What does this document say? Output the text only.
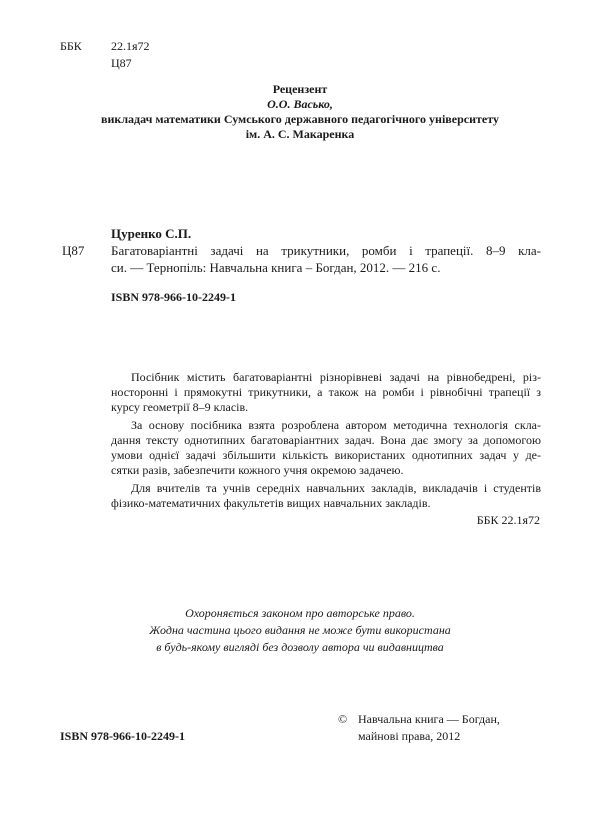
ББК 22.1я72
Ц87
Рецензент
О.О. Васько,
викладач математики Сумського державного педагогічного університету
ім. А. С. Макаренка
Цуренко С.П.
Ц87 Багатоваріантні задачі на трикутники, ромби і трапеції. 8–9 кла-
си. — Тернопіль: Навчальна книга – Богдан, 2012. — 216 с.
ISBN 978-966-10-2249-1
Посібник містить багатоваріантні різнорівневі задачі на рівнобедрені, різ-
носторонні і прямокутні трикутники, а також на ромби і рівнобічні трапеції з
курсу геометрії 8–9 класів.
За основу посібника взята розроблена автором методична технологія скла-
дання тексту однотипних багатоваріантних задач. Вона дає змогу за допомогою
умови однієї задачі збільшити кількість використаних однотипних задач у де-
сятки разів, забезпечити кожного учня окремою задачею.
Для вчителів та учнів середніх навчальних закладів, викладачів і студентів
фізико-математичних факультетів вищих навчальних закладів.
ББК 22.1я72
Охороняється законом про авторське право.
Жодна частина цього видання не може бути використана
в будь-якому вигляді без дозволу автора чи видавництва
ISBN 978-966-10-2249-1
© Навчальна книга — Богдан,
майнові права, 2012
